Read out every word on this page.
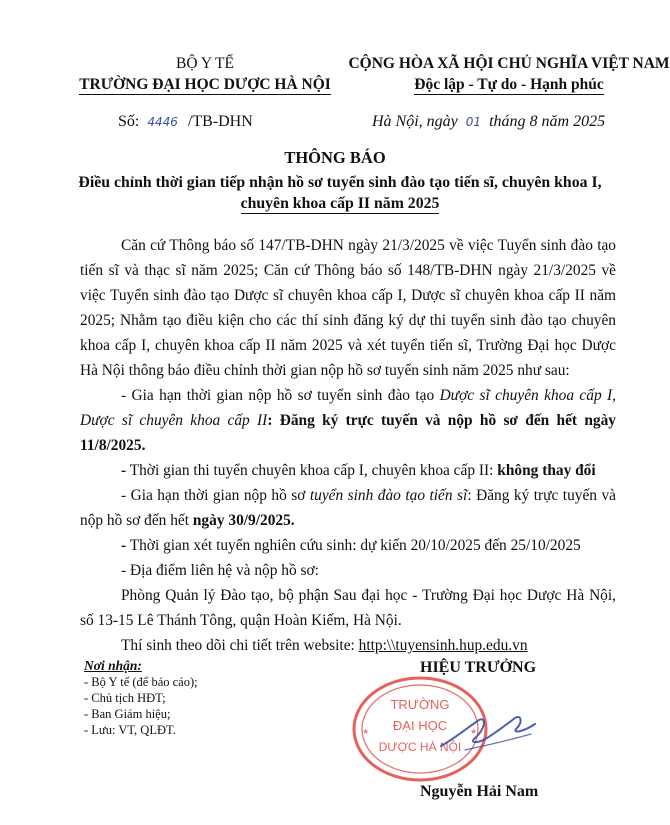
BỘ Y TẾ
TRƯỜNG ĐẠI HỌC DƯỢC HÀ NỘI
CỘNG HÒA XÃ HỘI CHỦ NGHĨA VIỆT NAM
Độc lập - Tự do - Hạnh phúc
Số: 4446 /TB-DHN	Hà Nội, ngày 01 tháng 8 năm 2025
THÔNG BÁO
Điều chỉnh thời gian tiếp nhận hồ sơ tuyển sinh đào tạo tiến sĩ, chuyên khoa I,
chuyên khoa cấp II năm 2025

Căn cứ Thông báo số 147/TB-DHN ngày 21/3/2025 về việc Tuyển sinh đào tạo tiến sĩ và thạc sĩ năm 2025; Căn cứ Thông báo số 148/TB-DHN ngày 21/3/2025 về việc Tuyển sinh đào tạo Dược sĩ chuyên khoa cấp I, Dược sĩ chuyên khoa cấp II năm 2025; Nhằm tạo điều kiện cho các thí sinh đăng ký dự thi tuyển sinh đào tạo chuyên khoa cấp I, chuyên khoa cấp II năm 2025 và xét tuyển tiến sĩ, Trường Đại học Dược Hà Nội thông báo điều chỉnh thời gian nộp hồ sơ tuyển sinh năm 2025 như sau:

- Gia hạn thời gian nộp hồ sơ tuyển sinh đào tạo Dược sĩ chuyên khoa cấp I, Dược sĩ chuyên khoa cấp II: Đăng ký trực tuyến và nộp hồ sơ đến hết ngày 11/8/2025.

- Thời gian thi tuyển chuyên khoa cấp I, chuyên khoa cấp II: không thay đổi

- Gia hạn thời gian nộp hồ sơ tuyển sinh đào tạo tiến sĩ: Đăng ký trực tuyến và nộp hồ sơ đến hết ngày 30/9/2025.

- Thời gian xét tuyển nghiên cứu sinh: dự kiến 20/10/2025 đến 25/10/2025

- Địa điểm liên hệ và nộp hồ sơ:

Phòng Quản lý Đào tạo, bộ phận Sau đại học - Trường Đại học Dược Hà Nội, số 13-15 Lê Thánh Tông, quận Hoàn Kiếm, Hà Nội.

Thí sinh theo dõi chi tiết trên website: http:\\tuyensinh.hup.edu.vn

Nơi nhận:
- Bộ Y tế (để báo cáo);
- Chủ tịch HĐT;
- Ban Giám hiệu;
- Lưu: VT, QLĐT.
TRƯỜNG
ĐẠI HỌC
DƯỢC HÀ NỘI
★	★
HIỆU TRƯỞNG
Nguyễn Hải Nam
